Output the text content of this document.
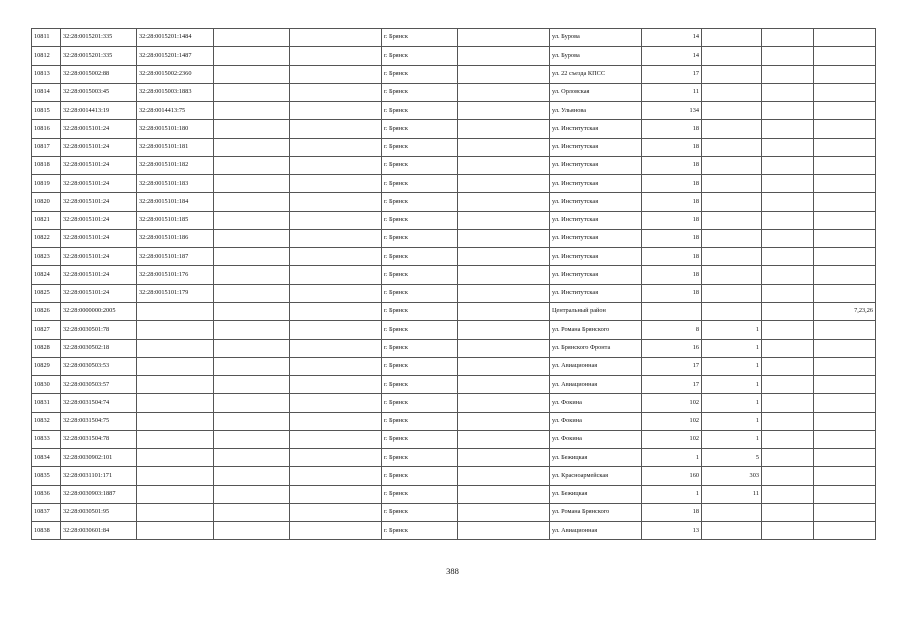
10811	32:28:0015201:335	32:28:0015201:1484			г. Брянск		ул. Бурова	14			
10812	32:28:0015201:335	32:28:0015201:1487			г. Брянск		ул. Бурова	14			
10813	32:28:0015002:88	32:28:0015002:2360			г. Брянск		ул. 22 съезда КПСС	17			
10814	32:28:0015003:45	32:28:0015003:1883			г. Брянск		ул. Орловская	11			
10815	32:28:0014413:19	32:28:0014413:75			г. Брянск		ул. Ульянова	134			
10816	32:28:0015101:24	32:28:0015101:180			г. Брянск		ул. Институтская	18			
10817	32:28:0015101:24	32:28:0015101:181			г. Брянск		ул. Институтская	18			
10818	32:28:0015101:24	32:28:0015101:182			г. Брянск		ул. Институтская	18			
10819	32:28:0015101:24	32:28:0015101:183			г. Брянск		ул. Институтская	18			
10820	32:28:0015101:24	32:28:0015101:184			г. Брянск		ул. Институтская	18			
10821	32:28:0015101:24	32:28:0015101:185			г. Брянск		ул. Институтская	18			
10822	32:28:0015101:24	32:28:0015101:186			г. Брянск		ул. Институтская	18			
10823	32:28:0015101:24	32:28:0015101:187			г. Брянск		ул. Институтская	18			
10824	32:28:0015101:24	32:28:0015101:176			г. Брянск		ул. Институтская	18			
10825	32:28:0015101:24	32:28:0015101:179			г. Брянск		ул. Институтская	18			
10826	32:28:0000000:2005				г. Брянск		Центральный район				7,23,26
10827	32:28:0030501:78				г. Брянск		ул. Романа Брянского	8	1		
10828	32:28:0030502:18				г. Брянск		ул. Брянского Фронта	16	1		
10829	32:28:0030503:53				г. Брянск		ул. Авиационная	17	1		
10830	32:28:0030503:57				г. Брянск		ул. Авиационная	17	1		
10831	32:28:0031504:74				г. Брянск		ул. Фокина	102	1		
10832	32:28:0031504:75				г. Брянск		ул. Фокина	102	1		
10833	32:28:0031504:78				г. Брянск		ул. Фокина	102	1		
10834	32:28:0030902:101				г. Брянск		ул. Бежицкая	1	5		
10835	32:28:0031101:171				г. Брянск		ул. Красноармейская	160	303		
10836	32:28:0030903:1887				г. Брянск		ул. Бежицкая	1	11		
10837	32:28:0030501:95				г. Брянск		ул. Романа Брянского	18			
10838	32:28:0030601:84				г. Брянск		ул. Авиационная	13			
388
